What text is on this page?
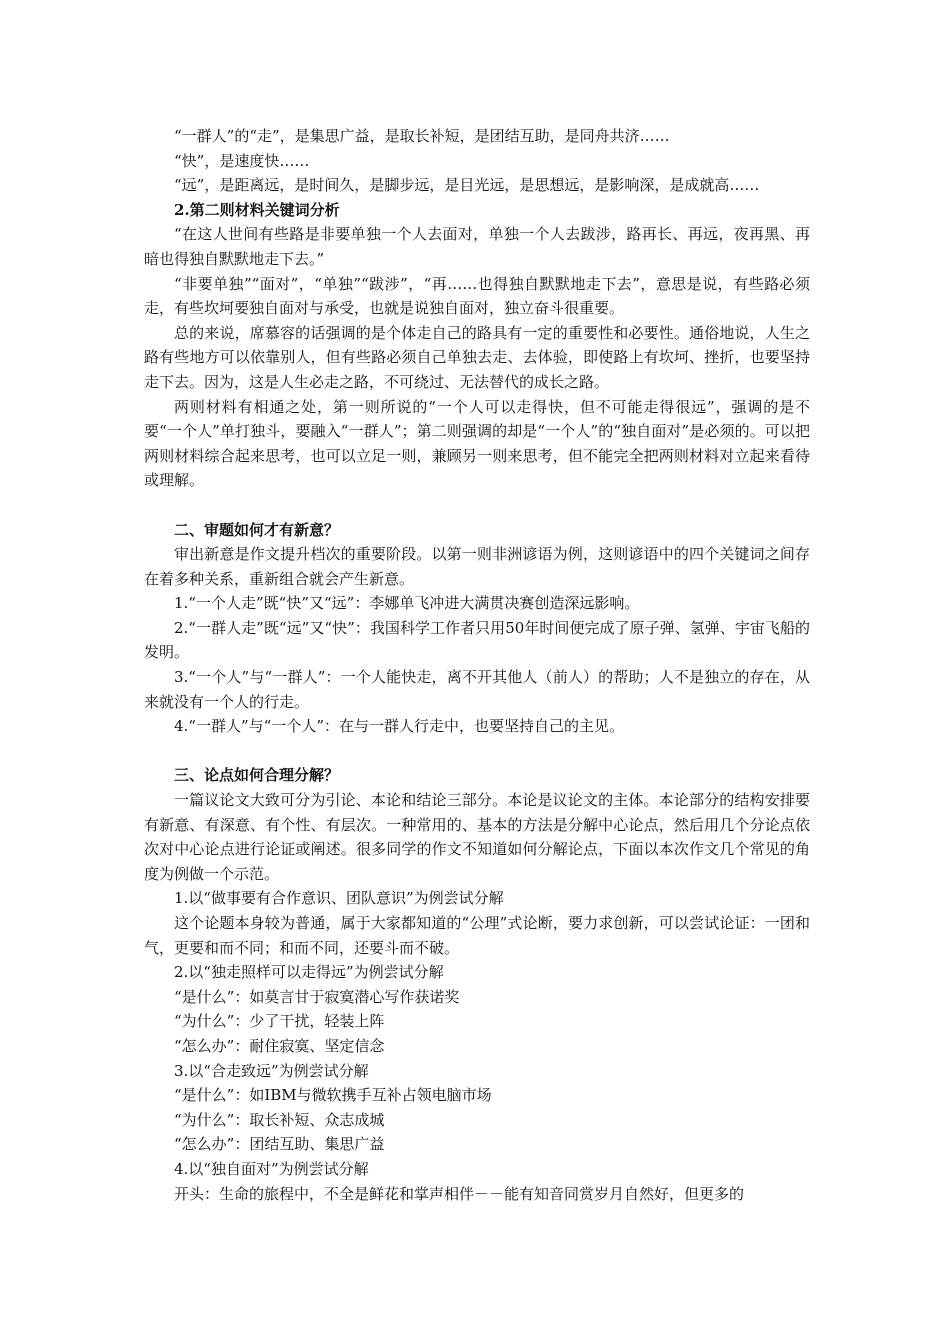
“一群人”的“走”，是集思广益，是取长补短，是团结互助，是同舟共济……

“快”，是速度快……

“远”，是距离远，是时间久，是脚步远，是目光远，是思想远，是影响深，是成就高……

2.第二则材料关键词分析

“在这人世间有些路是非要单独一个人去面对，单独一个人去跋涉，路再长、再远，夜再黑、再暗也得独自默默地走下去。”

“非要单独”“面对”，“单独”“跋涉”，“再……也得独自默默地走下去”，意思是说，有些路必须走，有些坎坷要独自面对与承受，也就是说独自面对，独立奋斗很重要。

总的来说，席慕容的话强调的是个体走自己的路具有一定的重要性和必要性。通俗地说，人生之路有些地方可以依靠别人，但有些路必须自己单独去走、去体验，即使路上有坎坷、挫折，也要坚持走下去。因为，这是人生必走之路，不可绕过、无法替代的成长之路。

两则材料有相通之处，第一则所说的“一个人可以走得快，但不可能走得很远”，强调的是不要“一个人”单打独斗，要融入“一群人”；第二则强调的却是“一个人”的“独自面对”是必须的。可以把两则材料综合起来思考，也可以立足一则，兼顾另一则来思考，但不能完全把两则材料对立起来看待或理解。

二、审题如何才有新意？

审出新意是作文提升档次的重要阶段。以第一则非洲谚语为例，这则谚语中的四个关键词之间存在着多种关系，重新组合就会产生新意。

1.“一个人走”既“快”又“远”：李娜单飞冲进大满贯决赛创造深远影响。

2.“一群人走”既“远”又“快”：我国科学工作者只用50年时间便完成了原子弹、氢弹、宇宙飞船的发明。

3.“一个人”与“一群人”：一个人能快走，离不开其他人（前人）的帮助；人不是独立的存在，从来就没有一个人的行走。

4.“一群人”与“一个人”：在与一群人行走中，也要坚持自己的主见。

三、论点如何合理分解？

一篇议论文大致可分为引论、本论和结论三部分。本论是议论文的主体。本论部分的结构安排要有新意、有深意、有个性、有层次。一种常用的、基本的方法是分解中心论点，然后用几个分论点依次对中心论点进行论证或阐述。很多同学的作文不知道如何分解论点，下面以本次作文几个常见的角度为例做一个示范。

1.以“做事要有合作意识、团队意识”为例尝试分解

这个论题本身较为普通，属于大家都知道的“公理”式论断，要力求创新，可以尝试论证：一团和气，更要和而不同；和而不同，还要斗而不破。

2.以“独走照样可以走得远”为例尝试分解

“是什么”：如莫言甘于寂寞潜心写作获诺奖

“为什么”：少了干扰，轻装上阵

“怎么办”：耐住寂寞、坚定信念

3.以“合走致远”为例尝试分解

“是什么”：如IBM与微软携手互补占领电脑市场

“为什么”：取长补短、众志成城

“怎么办”：团结互助、集思广益

4.以“独自面对”为例尝试分解

开头：生命的旅程中，不全是鲜花和掌声相伴－－能有知音同赏岁月自然好，但更多的
